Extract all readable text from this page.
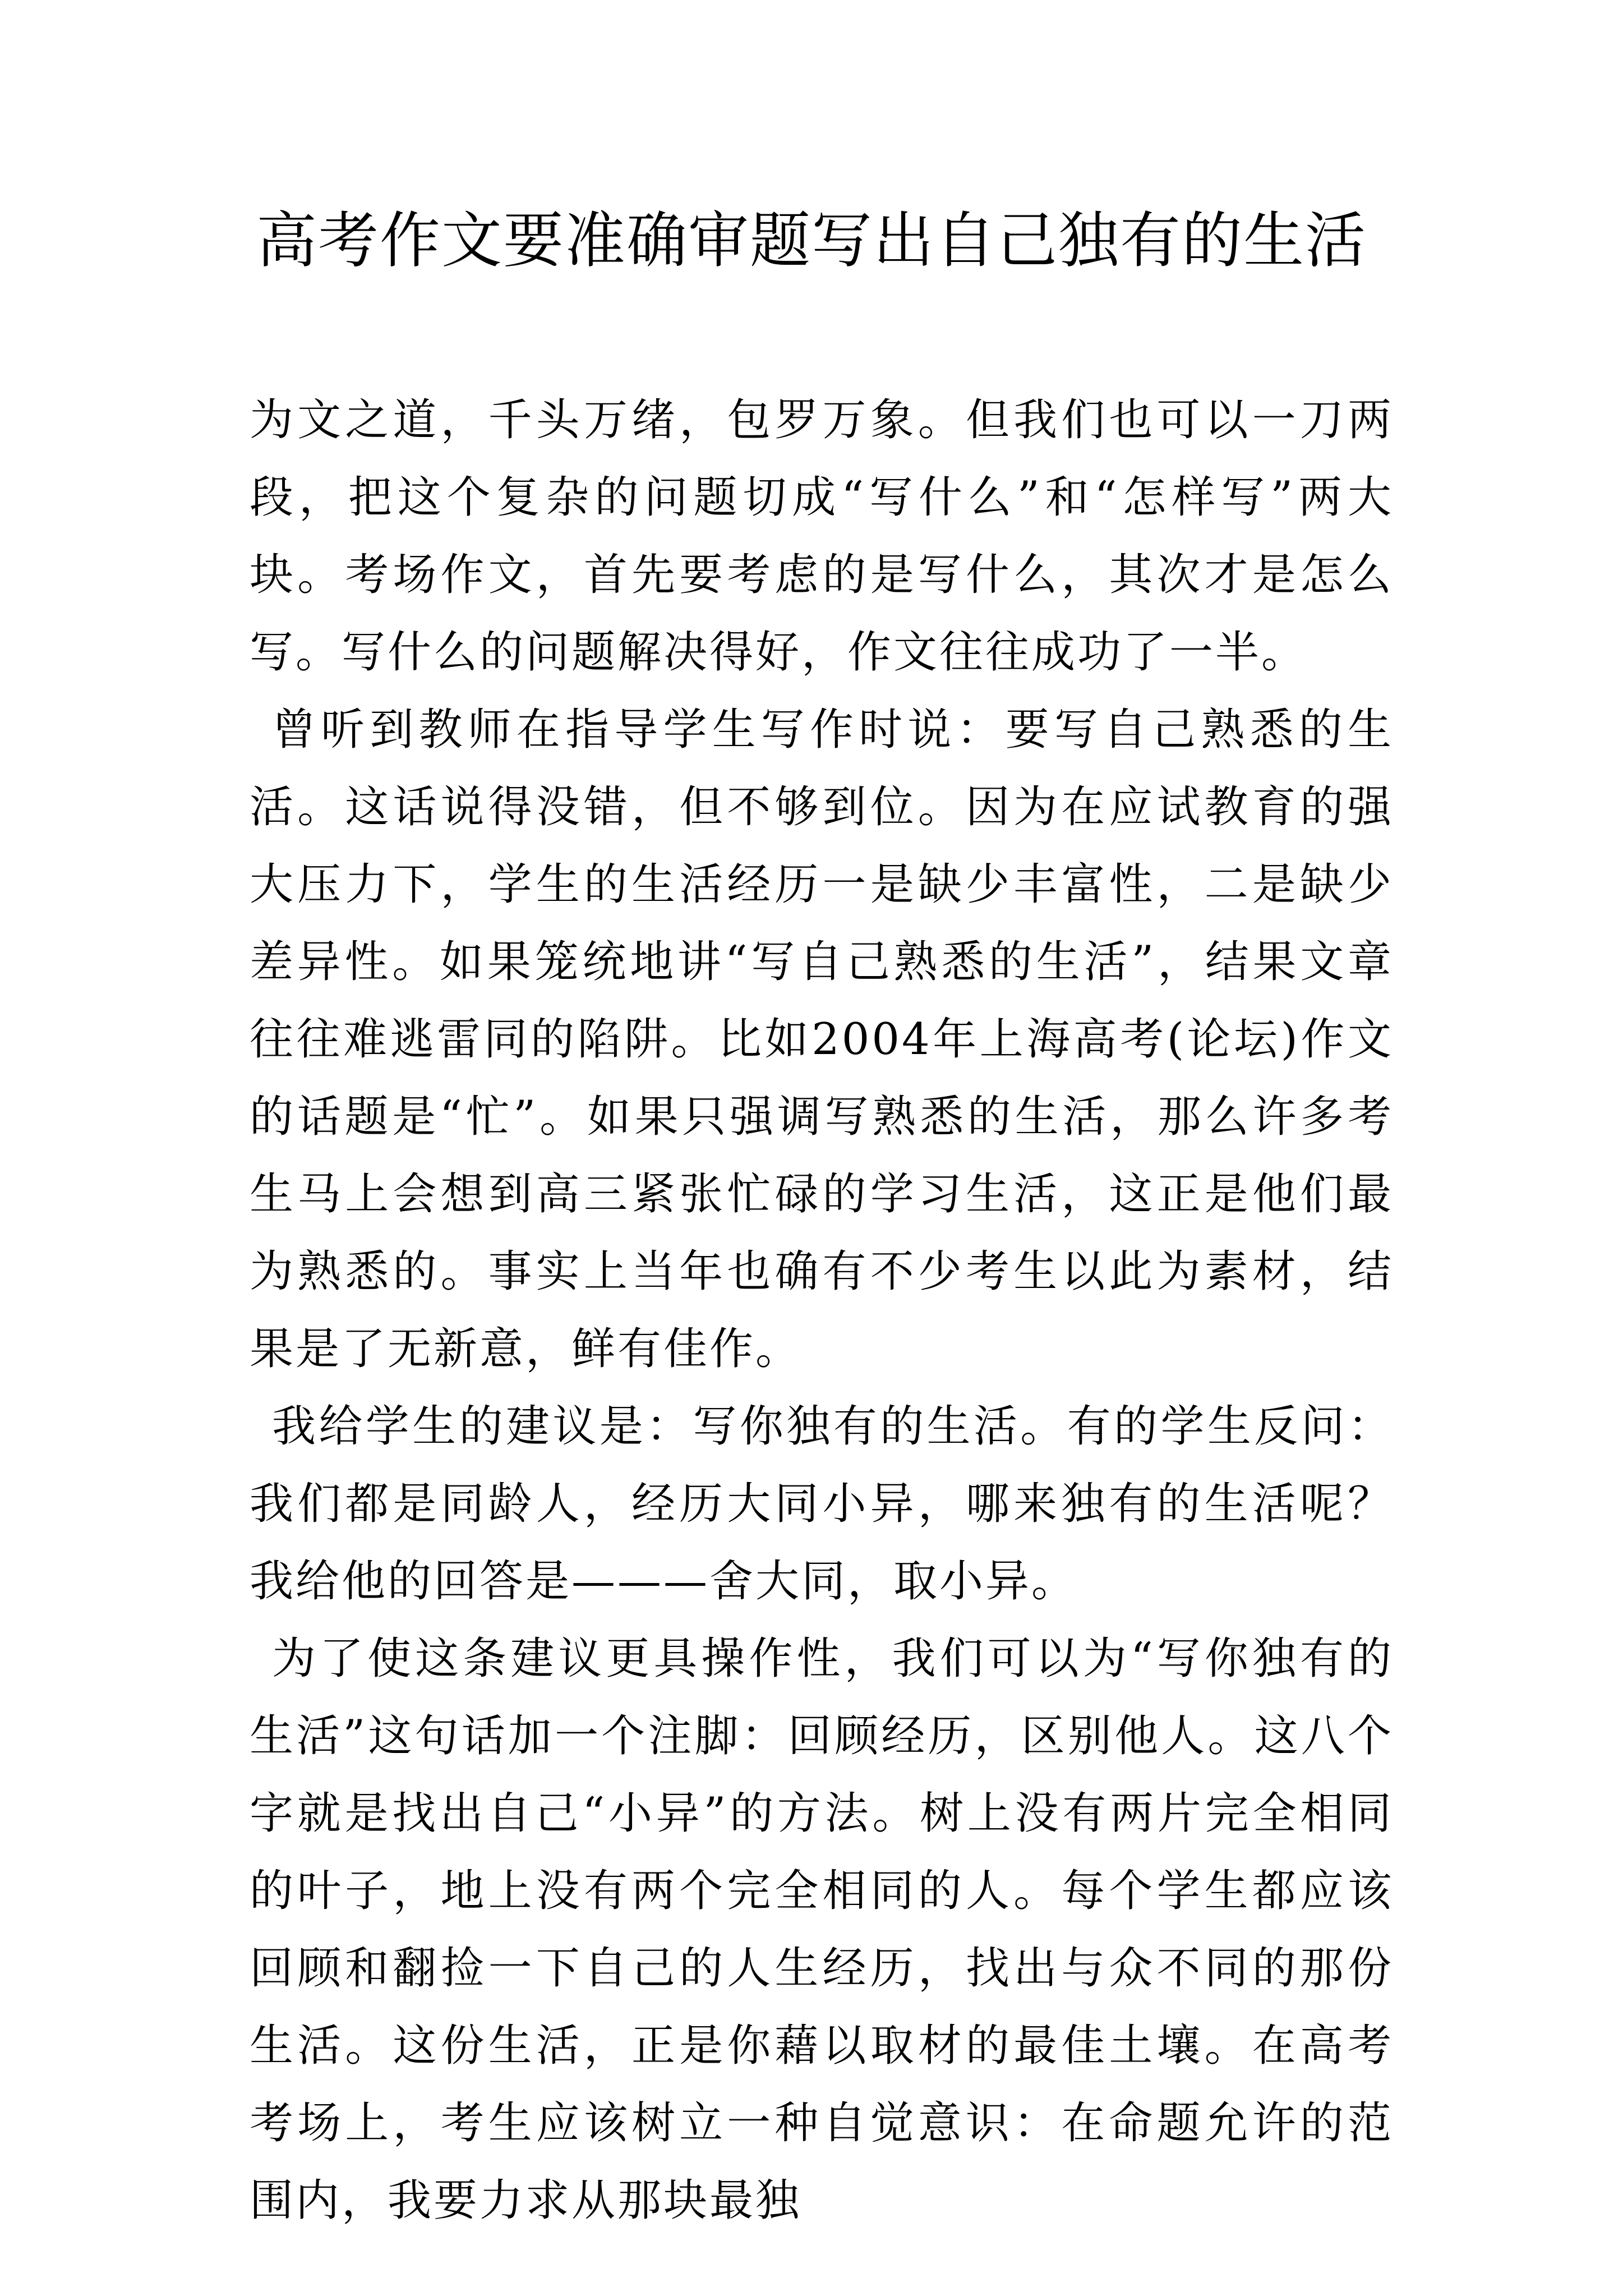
高考作文要准确审题写出自己独有的生活

为文之道，千头万绪，包罗万象。但我们也可以一刀两段，把这个复杂的问题切成“写什么”和“怎样写”两大块。考场作文，首先要考虑的是写什么，其次才是怎么写。写什么的问题解决得好，作文往往成功了一半。

曾听到教师在指导学生写作时说：要写自己熟悉的生活。这话说得没错，但不够到位。因为在应试教育的强大压力下，学生的生活经历一是缺少丰富性，二是缺少差异性。如果笼统地讲“写自己熟悉的生活”，结果文章往往难逃雷同的陷阱。比如2004年上海高考(论坛)作文的话题是“忙”。如果只强调写熟悉的生活，那么许多考生马上会想到高三紧张忙碌的学习生活，这正是他们最为熟悉的。事实上当年也确有不少考生以此为素材，结果是了无新意，鲜有佳作。

我给学生的建议是：写你独有的生活。有的学生反问：我们都是同龄人，经历大同小异，哪来独有的生活呢？我给他的回答是———舍大同，取小异。

为了使这条建议更具操作性，我们可以为“写你独有的生活”这句话加一个注脚：回顾经历，区别他人。这八个字就是找出自己“小异”的方法。树上没有两片完全相同的叶子，地上没有两个完全相同的人。每个学生都应该回顾和翻捡一下自己的人生经历，找出与众不同的那份生活。这份生活，正是你藉以取材的最佳土壤。在高考考场上，考生应该树立一种自觉意识：在命题允许的范围内，我要力求从那块最独
